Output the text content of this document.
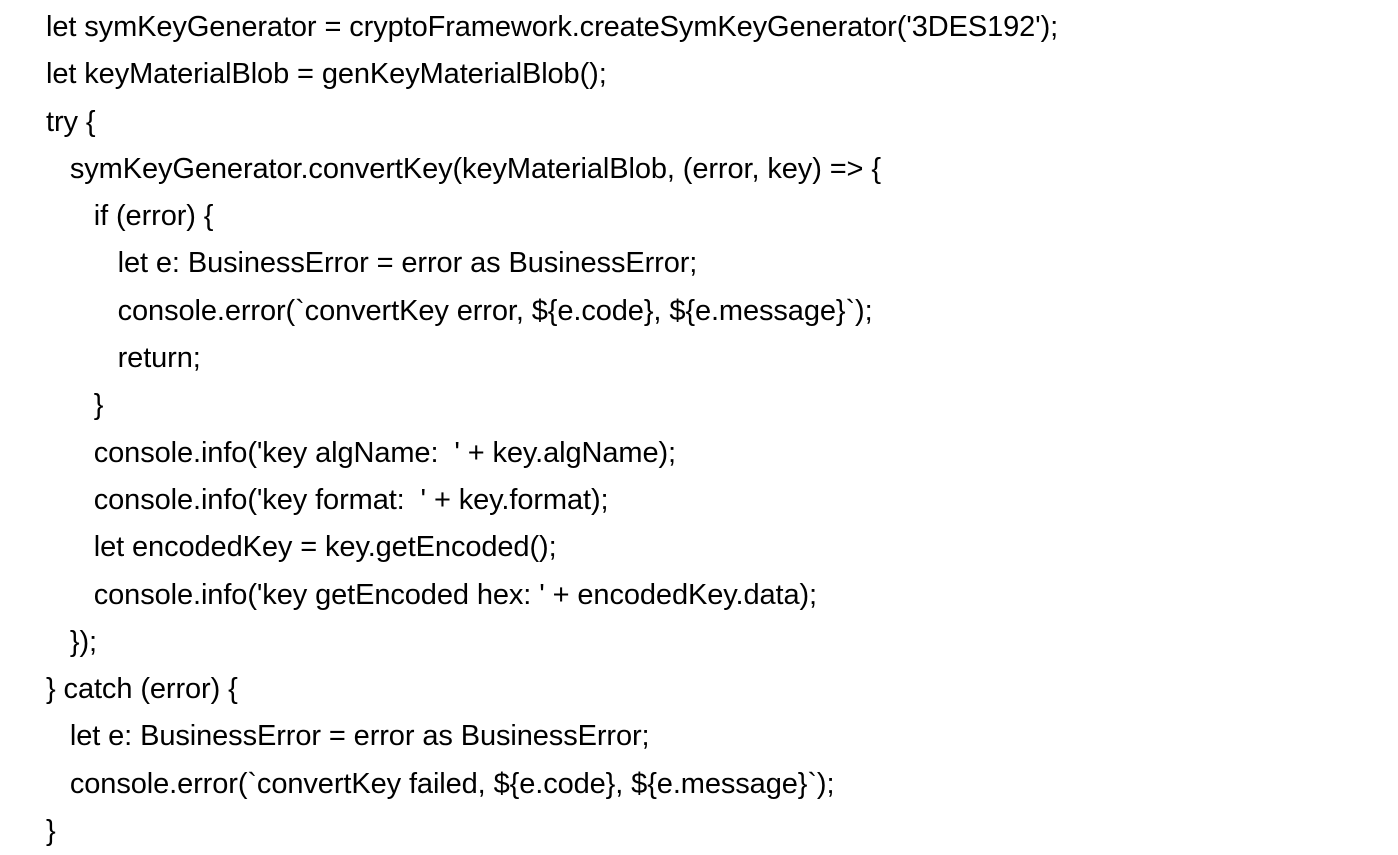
let symKeyGenerator = cryptoFramework.createSymKeyGenerator('3DES192');
let keyMaterialBlob = genKeyMaterialBlob();
try {
symKeyGenerator.convertKey(keyMaterialBlob, (error, key) => {
if (error) {
let e: BusinessError = error as BusinessError;
console.error(`convertKey error, ${e.code}, ${e.message}`);
return;
}
console.info('key algName:  ' + key.algName);
console.info('key format:  ' + key.format);
let encodedKey = key.getEncoded();
console.info('key getEncoded hex: ' + encodedKey.data);
});
} catch (error) {
let e: BusinessError = error as BusinessError;
console.error(`convertKey failed, ${e.code}, ${e.message}`);
}
